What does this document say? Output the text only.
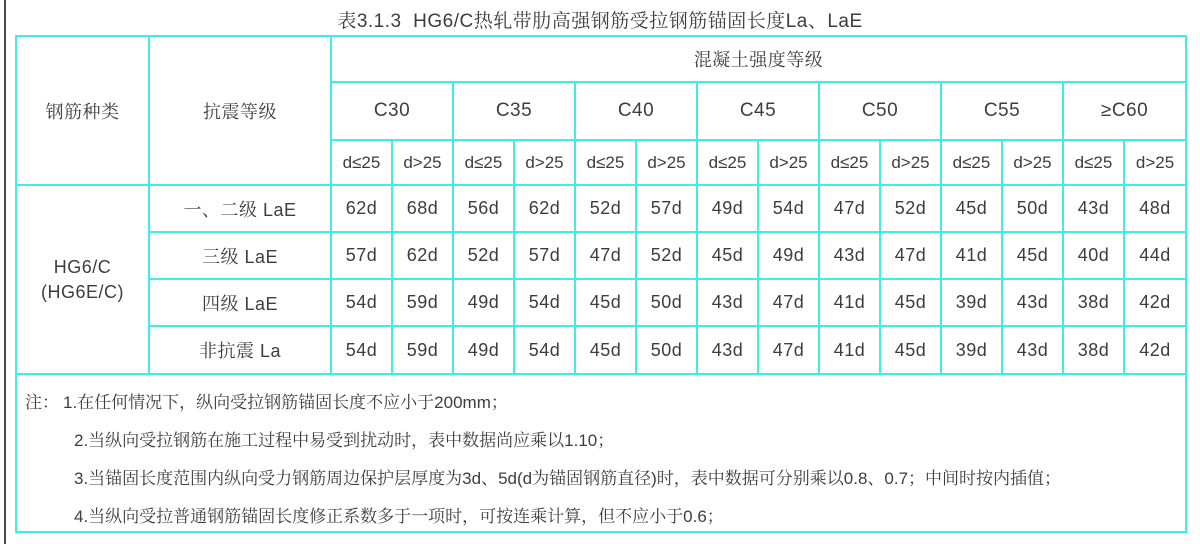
表3.1.3  HG6/C热轧带肋高强钢筋受拉钢筋锚固长度La、LaE
钢筋种类	抗震等级	混凝土强度等级													
		C30		C35		C40		C45		C50		C55		≥C60	
		d≤25	d>25	d≤25	d>25	d≤25	d>25	d≤25	d>25	d≤25	d>25	d≤25	d>25	d≤25	d>25

HG6/C
(HG6E/C)	一、二级 LaE	62d	68d	56d	62d	52d	57d	49d	54d	47d	52d	45d	50d	43d	48d
	三级 LaE	57d	62d	52d	57d	47d	52d	45d	49d	43d	47d	41d	45d	40d	44d
	四级 LaE	54d	59d	49d	54d	45d	50d	43d	47d	41d	45d	39d	43d	38d	42d
	非抗震 La	54d	59d	49d	54d	45d	50d	43d	47d	41d	45d	39d	43d	38d	42d
注： 1.在任何情况下，纵向受拉钢筋锚固长度不应小于200mm；
2.当纵向受拉钢筋在施工过程中易受到扰动时，表中数据尚应乘以1.10；
3.当锚固长度范围内纵向受力钢筋周边保护层厚度为3d、5d(d为锚固钢筋直径)时，表中数据可分别乘以0.8、0.7；中间时按内插值；
4.当纵向受拉普通钢筋锚固长度修正系数多于一项时，可按连乘计算，但不应小于0.6；
